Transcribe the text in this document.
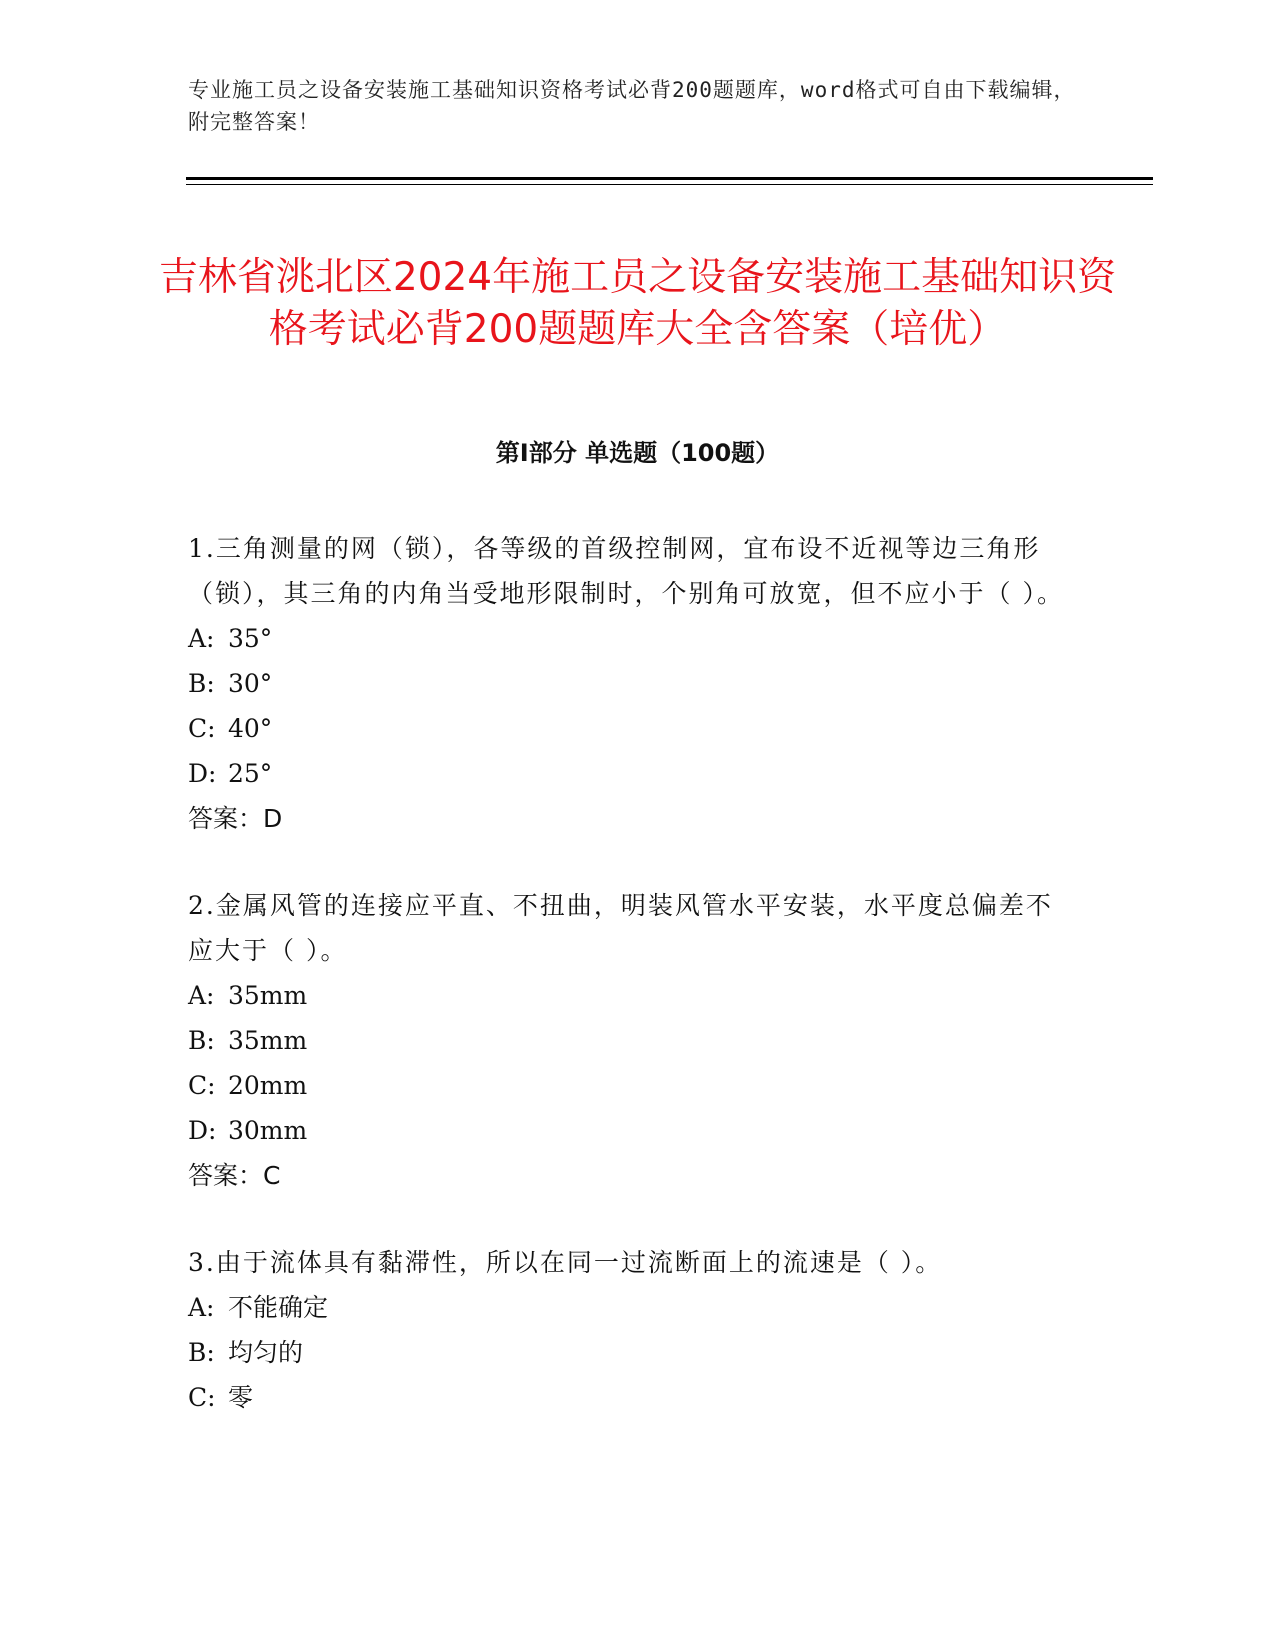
专业施工员之设备安装施工基础知识资格考试必背200题题库，word格式可自由下载编辑，附完整答案！
吉林省洮北区2024年施工员之设备安装施工基础知识资格考试必背200题题库大全含答案（培优）
第Ⅰ部分 单选题（100题）
1.三角测量的网（锁），各等级的首级控制网，宜布设不近视等边三角形（锁），其三角的内角当受地形限制时，个别角可放宽，但不应小于（ ）。
A: 35°
B: 30°
C: 40°
D: 25°
答案：D
2.金属风管的连接应平直、不扭曲，明装风管水平安装，水平度总偏差不应大于（ ）。
A: 35mm
B: 35mm
C: 20mm
D: 30mm
答案：C
3.由于流体具有黏滞性，所以在同一过流断面上的流速是（ ）。
A: 不能确定
B: 均匀的
C: 零
